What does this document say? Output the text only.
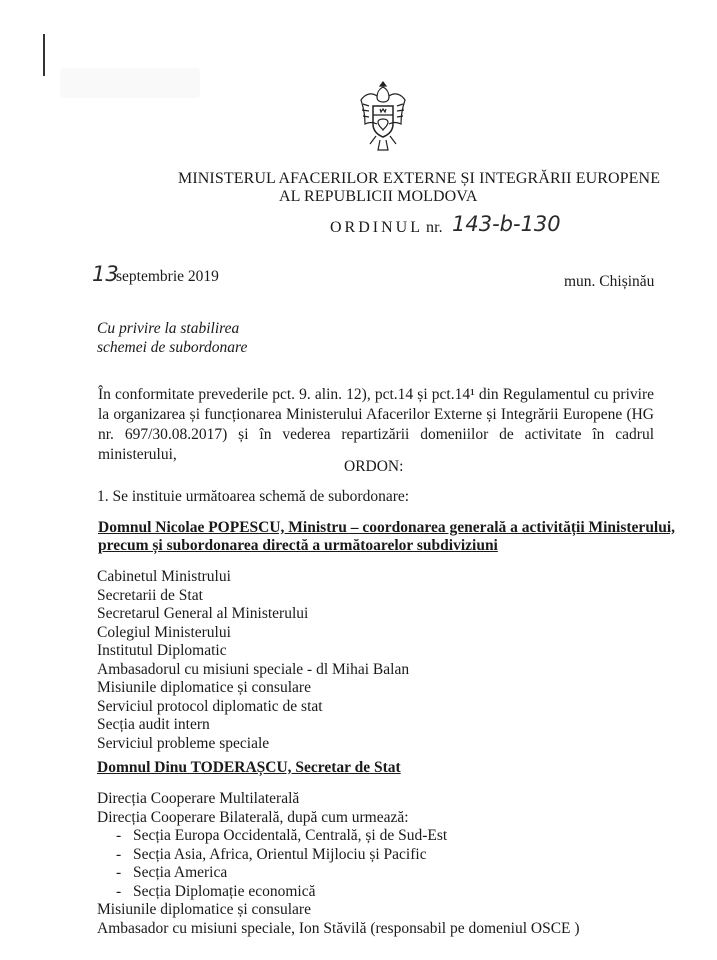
MINISTERUL AFACERILOR EXTERNE ȘI INTEGRĂRII EUROPENE
AL REPUBLICII MOLDOVA
ORDINUL nr. 143-b-130
13
septembrie 2019	mun. Chișinău
Cu privire la stabilirea
schemei de subordonare
În conformitate prevederile pct. 9. alin. 12), pct.14 și pct.14¹ din Regulamentul cu privire la organizarea și funcționarea Ministerului Afacerilor Externe și Integrării Europene (HG nr. 697/30.08.2017) și în vederea repartizării domeniilor de activitate în cadrul ministerului,
ORDON:
1. Se instituie următoarea schemă de subordonare:
Domnul Nicolae POPESCU, Ministru – coordonarea generală a activității Ministerului,
precum și subordonarea directă a următoarelor subdiviziuni
Cabinetul Ministrului
Secretarii de Stat
Secretarul General al Ministerului
Colegiul Ministerului
Institutul Diplomatic
Ambasadorul cu misiuni speciale - dl Mihai Balan
Misiunile diplomatice și consulare
Serviciul protocol diplomatic de stat
Secția audit intern
Serviciul probleme speciale
Domnul Dinu TODERAȘCU, Secretar de Stat
Direcția Cooperare Multilaterală
Direcția Cooperare Bilaterală, după cum urmează:
- Secția Europa Occidentală, Centrală, și de Sud-Est
- Secția Asia, Africa, Orientul Mijlociu și Pacific
- Secția America
- Secția Diplomație economică
Misiunile diplomatice și consulare
Ambasador cu misiuni speciale, Ion Stăvilă (responsabil pe domeniul OSCE )
